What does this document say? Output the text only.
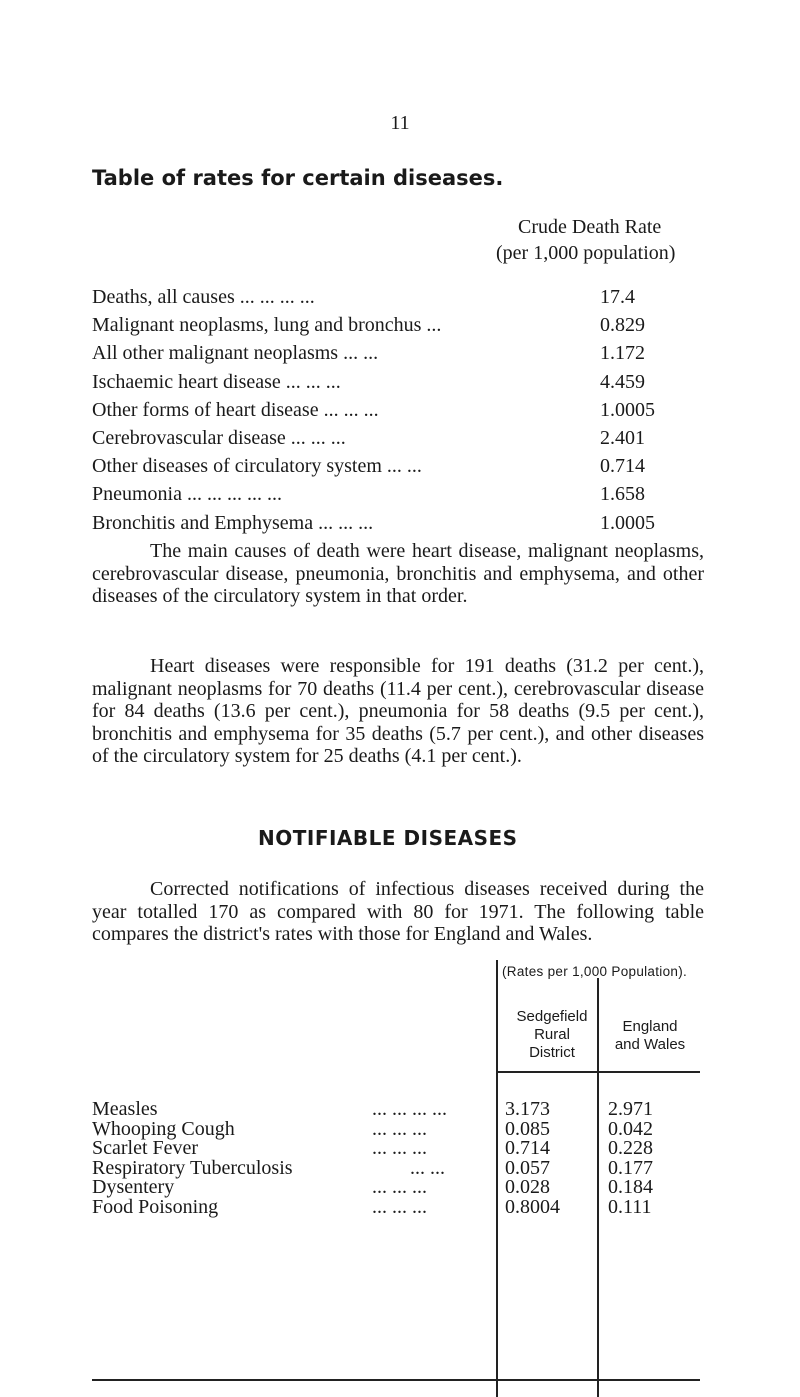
11
Table of rates for certain diseases.
Crude Death Rate
(per 1,000 population)
Deaths, all causes ... ... ... ...	17.4
Malignant neoplasms, lung and bronchus ...	0.829
All other malignant neoplasms ... ...	1.172
Ischaemic heart disease ... ... ...	4.459
Other forms of heart disease ... ... ...	1.0005
Cerebrovascular disease ... ... ...	2.401
Other diseases of circulatory system ... ...	0.714
Pneumonia ... ... ... ... ...	1.658
Bronchitis and Emphysema ... ... ...	1.0005

The main causes of death were heart disease, malignant neoplasms, cerebrovascular disease, pneumonia, bronchitis and emphysema, and other diseases of the circulatory system in that order.

Heart diseases were responsible for 191 deaths (31.2 per cent.), malignant neoplasms for 70 deaths (11.4 per cent.), cerebrovascular disease for 84 deaths (13.6 per cent.), pneumonia for 58 deaths (9.5 per cent.), bronchitis and emphysema for 35 deaths (5.7 per cent.), and other diseases of the circulatory system for 25 deaths (4.1 per cent.).

NOTIFIABLE DISEASES

Corrected notifications of infectious diseases received during the year totalled 170 as compared with 80 for 1971. The following table compares the district's rates with those for England and Wales.

(Rates per 1,000 Population).
Sedgefield
Rural
District
England
and Wales
Measles	... ... ... ...	3.173	2.971
Whooping Cough	... ... ...	0.085	0.042
Scarlet Fever	... ... ...	0.714	0.228
Respiratory Tuberculosis	... ...	0.057	0.177
Dysentery	... ... ...	0.028	0.184
Food Poisoning	... ... ...	0.8004 0.111
